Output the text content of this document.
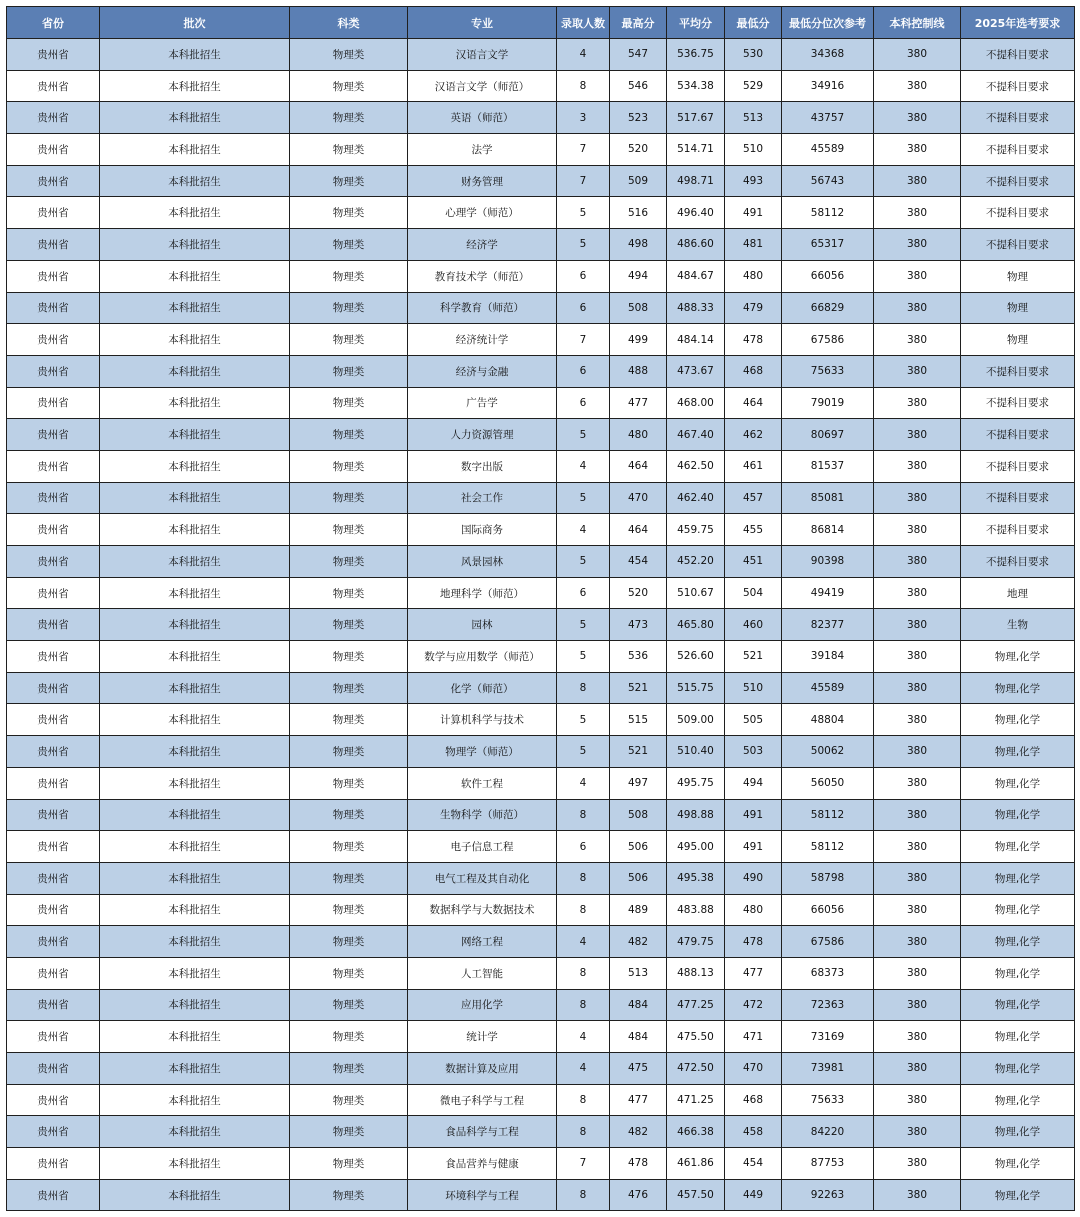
省份	批次	科类	专业	录取人数	最高分	平均分	最低分	最低分位次参考	本科控制线	2025年选考要求
贵州省	本科批招生	物理类	汉语言文学	4	547	536.75	530	34368	380	不提科目要求
贵州省	本科批招生	物理类	汉语言文学（师范）	8	546	534.38	529	34916	380	不提科目要求
贵州省	本科批招生	物理类	英语（师范）	3	523	517.67	513	43757	380	不提科目要求
贵州省	本科批招生	物理类	法学	7	520	514.71	510	45589	380	不提科目要求
贵州省	本科批招生	物理类	财务管理	7	509	498.71	493	56743	380	不提科目要求
贵州省	本科批招生	物理类	心理学（师范）	5	516	496.40	491	58112	380	不提科目要求
贵州省	本科批招生	物理类	经济学	5	498	486.60	481	65317	380	不提科目要求
贵州省	本科批招生	物理类	教育技术学（师范）	6	494	484.67	480	66056	380	物理
贵州省	本科批招生	物理类	科学教育（师范）	6	508	488.33	479	66829	380	物理
贵州省	本科批招生	物理类	经济统计学	7	499	484.14	478	67586	380	物理
贵州省	本科批招生	物理类	经济与金融	6	488	473.67	468	75633	380	不提科目要求
贵州省	本科批招生	物理类	广告学	6	477	468.00	464	79019	380	不提科目要求
贵州省	本科批招生	物理类	人力资源管理	5	480	467.40	462	80697	380	不提科目要求
贵州省	本科批招生	物理类	数字出版	4	464	462.50	461	81537	380	不提科目要求
贵州省	本科批招生	物理类	社会工作	5	470	462.40	457	85081	380	不提科目要求
贵州省	本科批招生	物理类	国际商务	4	464	459.75	455	86814	380	不提科目要求
贵州省	本科批招生	物理类	风景园林	5	454	452.20	451	90398	380	不提科目要求
贵州省	本科批招生	物理类	地理科学（师范）	6	520	510.67	504	49419	380	地理
贵州省	本科批招生	物理类	园林	5	473	465.80	460	82377	380	生物
贵州省	本科批招生	物理类	数学与应用数学（师范）	5	536	526.60	521	39184	380	物理,化学
贵州省	本科批招生	物理类	化学（师范）	8	521	515.75	510	45589	380	物理,化学
贵州省	本科批招生	物理类	计算机科学与技术	5	515	509.00	505	48804	380	物理,化学
贵州省	本科批招生	物理类	物理学（师范）	5	521	510.40	503	50062	380	物理,化学
贵州省	本科批招生	物理类	软件工程	4	497	495.75	494	56050	380	物理,化学
贵州省	本科批招生	物理类	生物科学（师范）	8	508	498.88	491	58112	380	物理,化学
贵州省	本科批招生	物理类	电子信息工程	6	506	495.00	491	58112	380	物理,化学
贵州省	本科批招生	物理类	电气工程及其自动化	8	506	495.38	490	58798	380	物理,化学
贵州省	本科批招生	物理类	数据科学与大数据技术	8	489	483.88	480	66056	380	物理,化学
贵州省	本科批招生	物理类	网络工程	4	482	479.75	478	67586	380	物理,化学
贵州省	本科批招生	物理类	人工智能	8	513	488.13	477	68373	380	物理,化学
贵州省	本科批招生	物理类	应用化学	8	484	477.25	472	72363	380	物理,化学
贵州省	本科批招生	物理类	统计学	4	484	475.50	471	73169	380	物理,化学
贵州省	本科批招生	物理类	数据计算及应用	4	475	472.50	470	73981	380	物理,化学
贵州省	本科批招生	物理类	微电子科学与工程	8	477	471.25	468	75633	380	物理,化学
贵州省	本科批招生	物理类	食品科学与工程	8	482	466.38	458	84220	380	物理,化学
贵州省	本科批招生	物理类	食品营养与健康	7	478	461.86	454	87753	380	物理,化学
贵州省	本科批招生	物理类	环境科学与工程	8	476	457.50	449	92263	380	物理,化学
